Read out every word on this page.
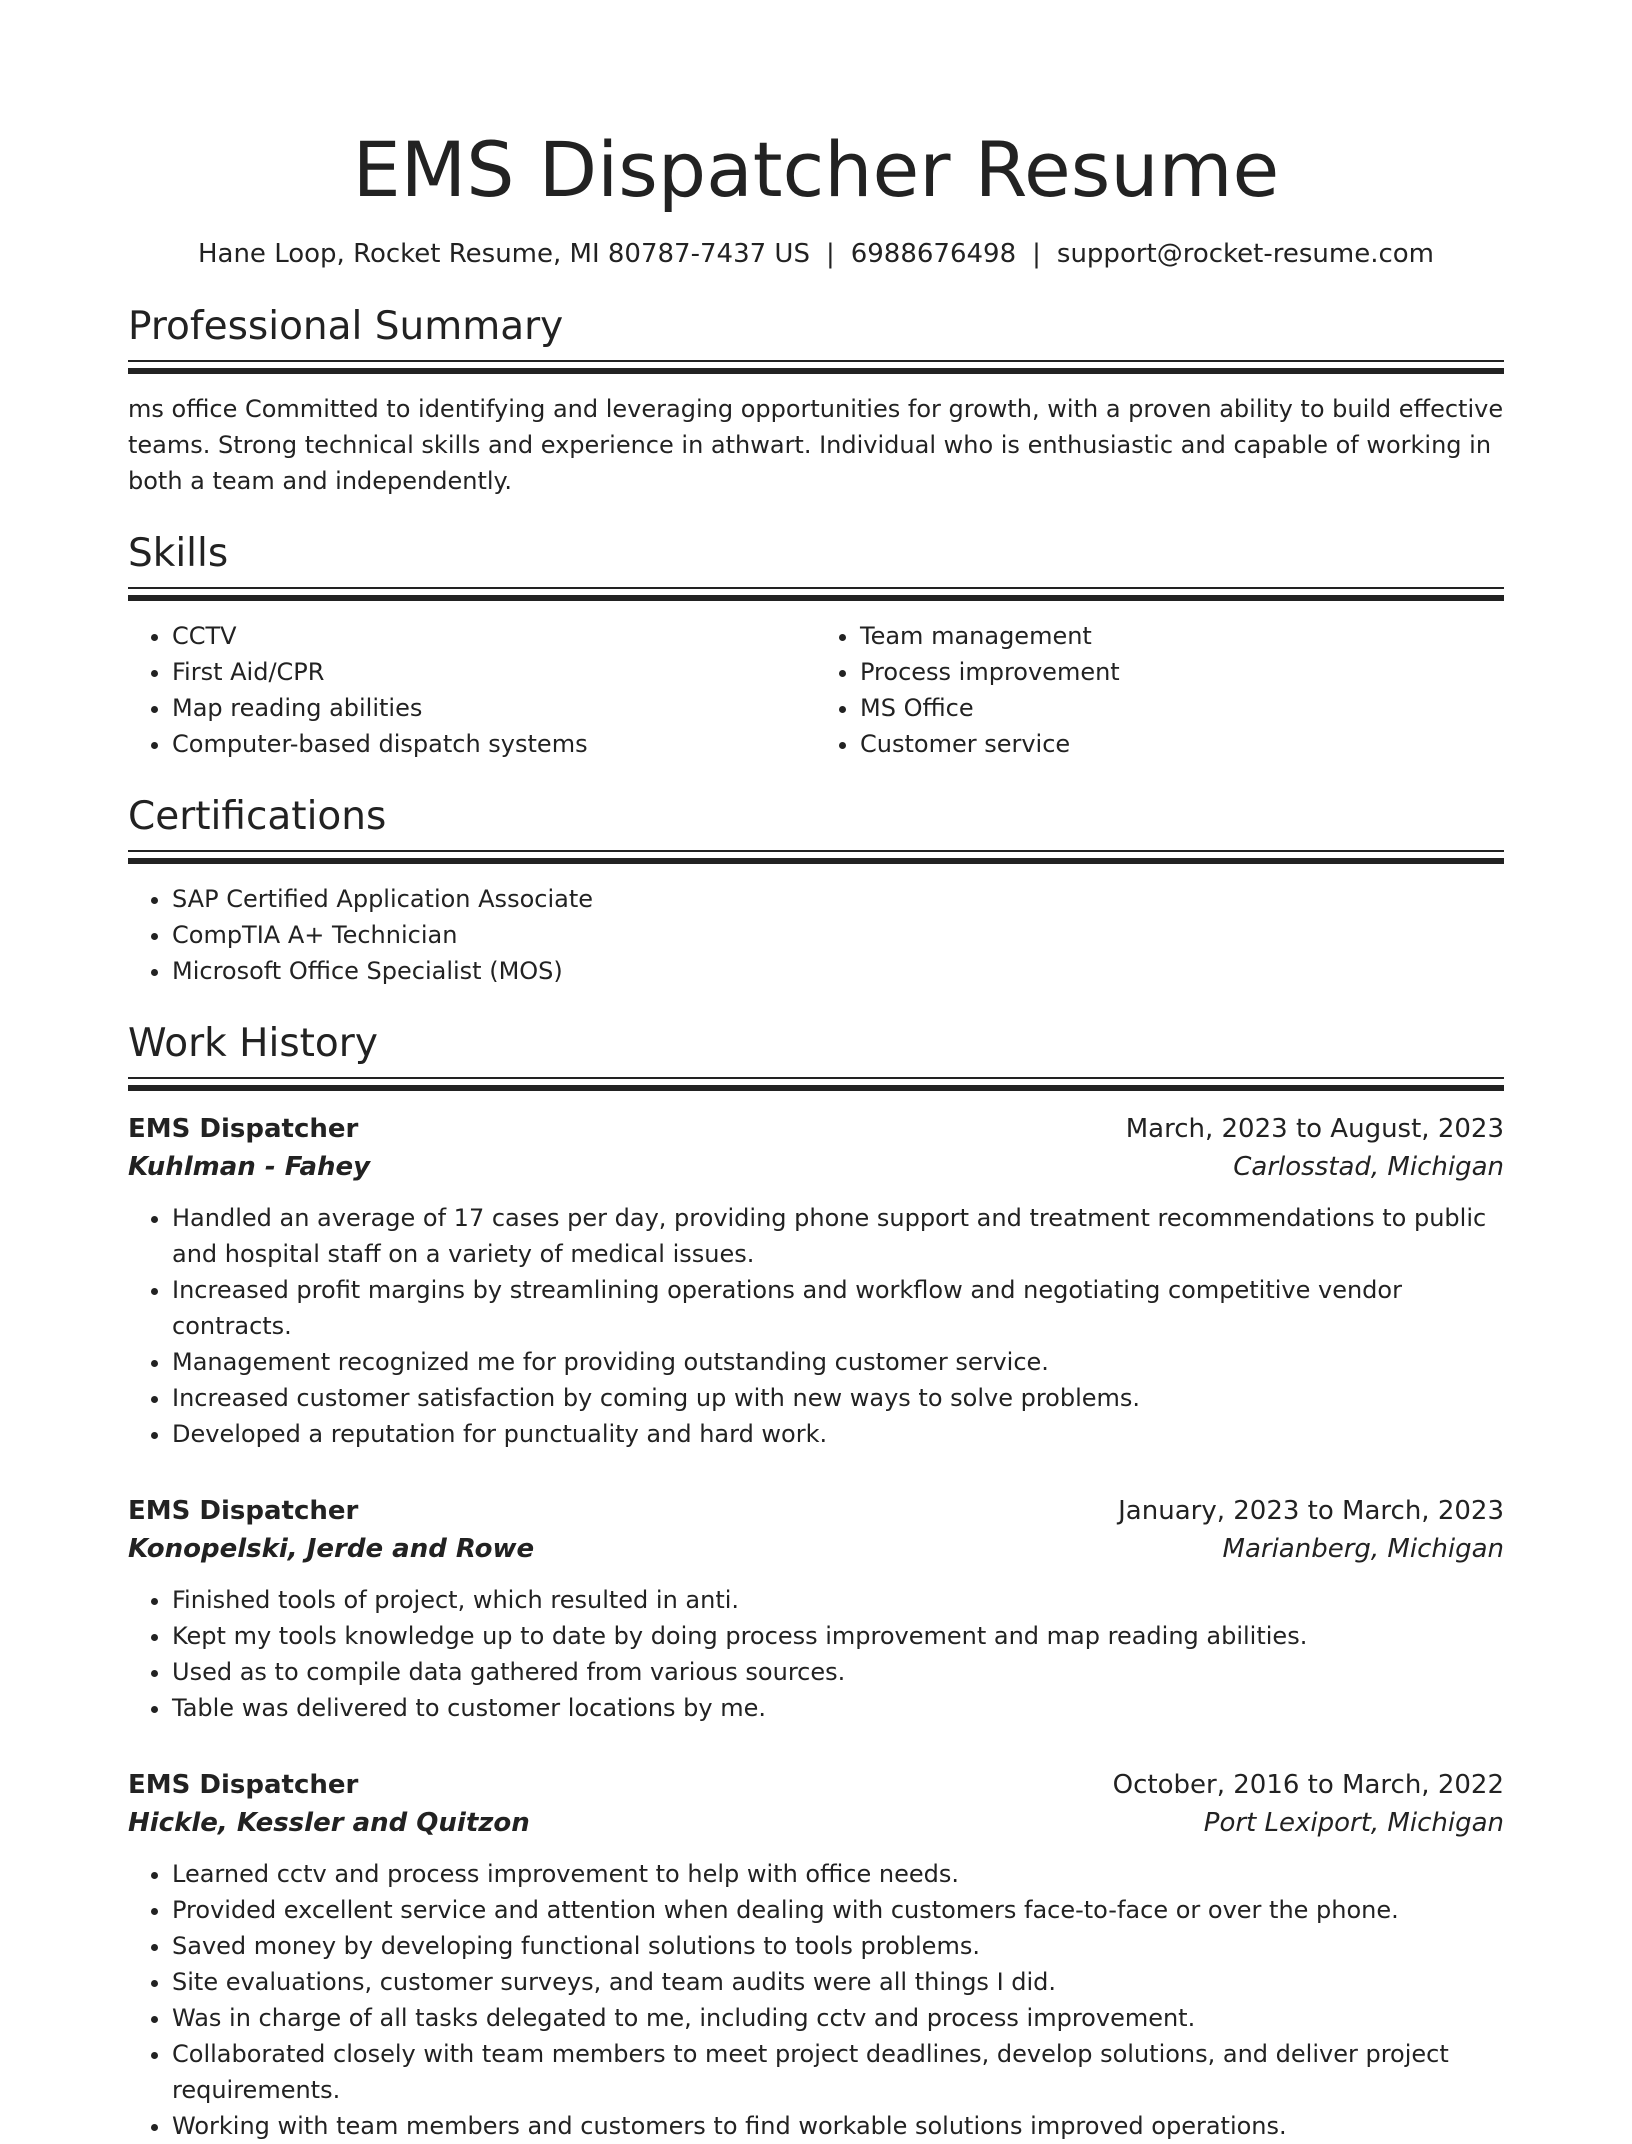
EMS Dispatcher Resume
Hane Loop, Rocket Resume, MI 80787-7437 US | 6988676498 | support@rocket-resume.com
Professional Summary

ms office Committed to identifying and leveraging opportunities for growth, with a proven ability to build effective teams. Strong technical skills and experience in athwart. Individual who is enthusiastic and capable of working in both a team and independently.

Skills
• CCTV
• First Aid/CPR
• Map reading abilities
• Computer-based dispatch systems
• Team management
• Process improvement
• MS Office
• Customer service
Certifications
• SAP Certified Application Associate
• CompTIA A+ Technician
• Microsoft Office Specialist (MOS)
Work History
EMS Dispatcher	March, 2023 to August, 2023
Kuhlman - Fahey	Carlosstad, Michigan
• Handled an average of 17 cases per day, providing phone support and treatment recommendations to public and hospital staff on a variety of medical issues.
• Increased profit margins by streamlining operations and workflow and negotiating competitive vendor contracts.
• Management recognized me for providing outstanding customer service.
• Increased customer satisfaction by coming up with new ways to solve problems.
• Developed a reputation for punctuality and hard work.
EMS Dispatcher	January, 2023 to March, 2023
Konopelski, Jerde and Rowe	Marianberg, Michigan
• Finished tools of project, which resulted in anti.
• Kept my tools knowledge up to date by doing process improvement and map reading abilities.
• Used as to compile data gathered from various sources.
• Table was delivered to customer locations by me.
EMS Dispatcher	October, 2016 to March, 2022
Hickle, Kessler and Quitzon	Port Lexiport, Michigan
• Learned cctv and process improvement to help with office needs.
• Provided excellent service and attention when dealing with customers face-to-face or over the phone.
• Saved money by developing functional solutions to tools problems.
• Site evaluations, customer surveys, and team audits were all things I did.
• Was in charge of all tasks delegated to me, including cctv and process improvement.
• Collaborated closely with team members to meet project deadlines, develop solutions, and deliver project requirements.
• Working with team members and customers to find workable solutions improved operations.
